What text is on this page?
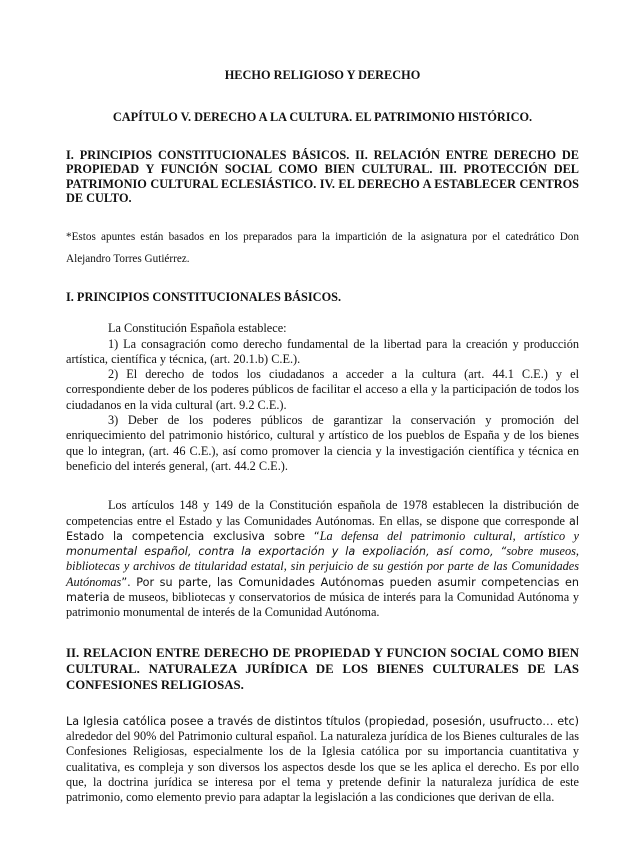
HECHO RELIGIOSO Y DERECHO

CAPÍTULO V. DERECHO A LA CULTURA. EL PATRIMONIO HISTÓRICO.

I. PRINCIPIOS CONSTITUCIONALES BÁSICOS. II. RELACIÓN ENTRE DERECHO DE PROPIEDAD Y FUNCIÓN SOCIAL COMO BIEN CULTURAL. III. PROTECCIÓN DEL PATRIMONIO CULTURAL ECLESIÁSTICO. IV. EL DERECHO A ESTABLECER CENTROS DE CULTO.

*Estos apuntes están basados en los preparados para la impartición de la asignatura por el catedrático Don Alejandro Torres Gutiérrez.

I. PRINCIPIOS CONSTITUCIONALES BÁSICOS.

La Constitución Española establece:

1) La consagración como derecho fundamental de la libertad para la creación y producción artística, científica y técnica, (art. 20.1.b) C.E.).

2) El derecho de todos los ciudadanos a acceder a la cultura (art. 44.1 C.E.) y el correspondiente deber de los poderes públicos de facilitar el acceso a ella y la participación de todos los ciudadanos en la vida cultural (art. 9.2 C.E.).

3) Deber de los poderes públicos de garantizar la conservación y promoción del enriquecimiento del patrimonio histórico, cultural y artístico de los pueblos de España y de los bienes que lo integran, (art. 46 C.E.), así como promover la ciencia y la investigación científica y técnica en beneficio del interés general, (art. 44.2 C.E.).

Los artículos 148 y 149 de la Constitución española de 1978 establecen la distribución de competencias entre el Estado y las Comunidades Autónomas. En ellas, se dispone que corresponde al Estado la competencia exclusiva sobre “La defensa del patrimonio cultural, artístico y monumental español, contra la exportación y la expoliación, así como, “sobre museos, bibliotecas y archivos de titularidad estatal, sin perjuicio de su gestión por parte de las Comunidades Autónomas”. Por su parte, las Comunidades Autónomas pueden asumir competencias en materia de museos, bibliotecas y conservatorios de música de interés para la Comunidad Autónoma y patrimonio monumental de interés de la Comunidad Autónoma.

II. RELACION ENTRE DERECHO DE PROPIEDAD Y FUNCION SOCIAL COMO BIEN CULTURAL. NATURALEZA JURÍDICA DE LOS BIENES CULTURALES DE LAS CONFESIONES RELIGIOSAS.

La Iglesia católica posee a través de distintos títulos (propiedad, posesión, usufructo… etc) alrededor del 90% del Patrimonio cultural español. La naturaleza jurídica de los Bienes culturales de las Confesiones Religiosas, especialmente los de la Iglesia católica por su importancia cuantitativa y cualitativa, es compleja y son diversos los aspectos desde los que se les aplica el derecho. Es por ello que, la doctrina jurídica se interesa por el tema y pretende definir la naturaleza jurídica de este patrimonio, como elemento previo para adaptar la legislación a las condiciones que derivan de ella.
